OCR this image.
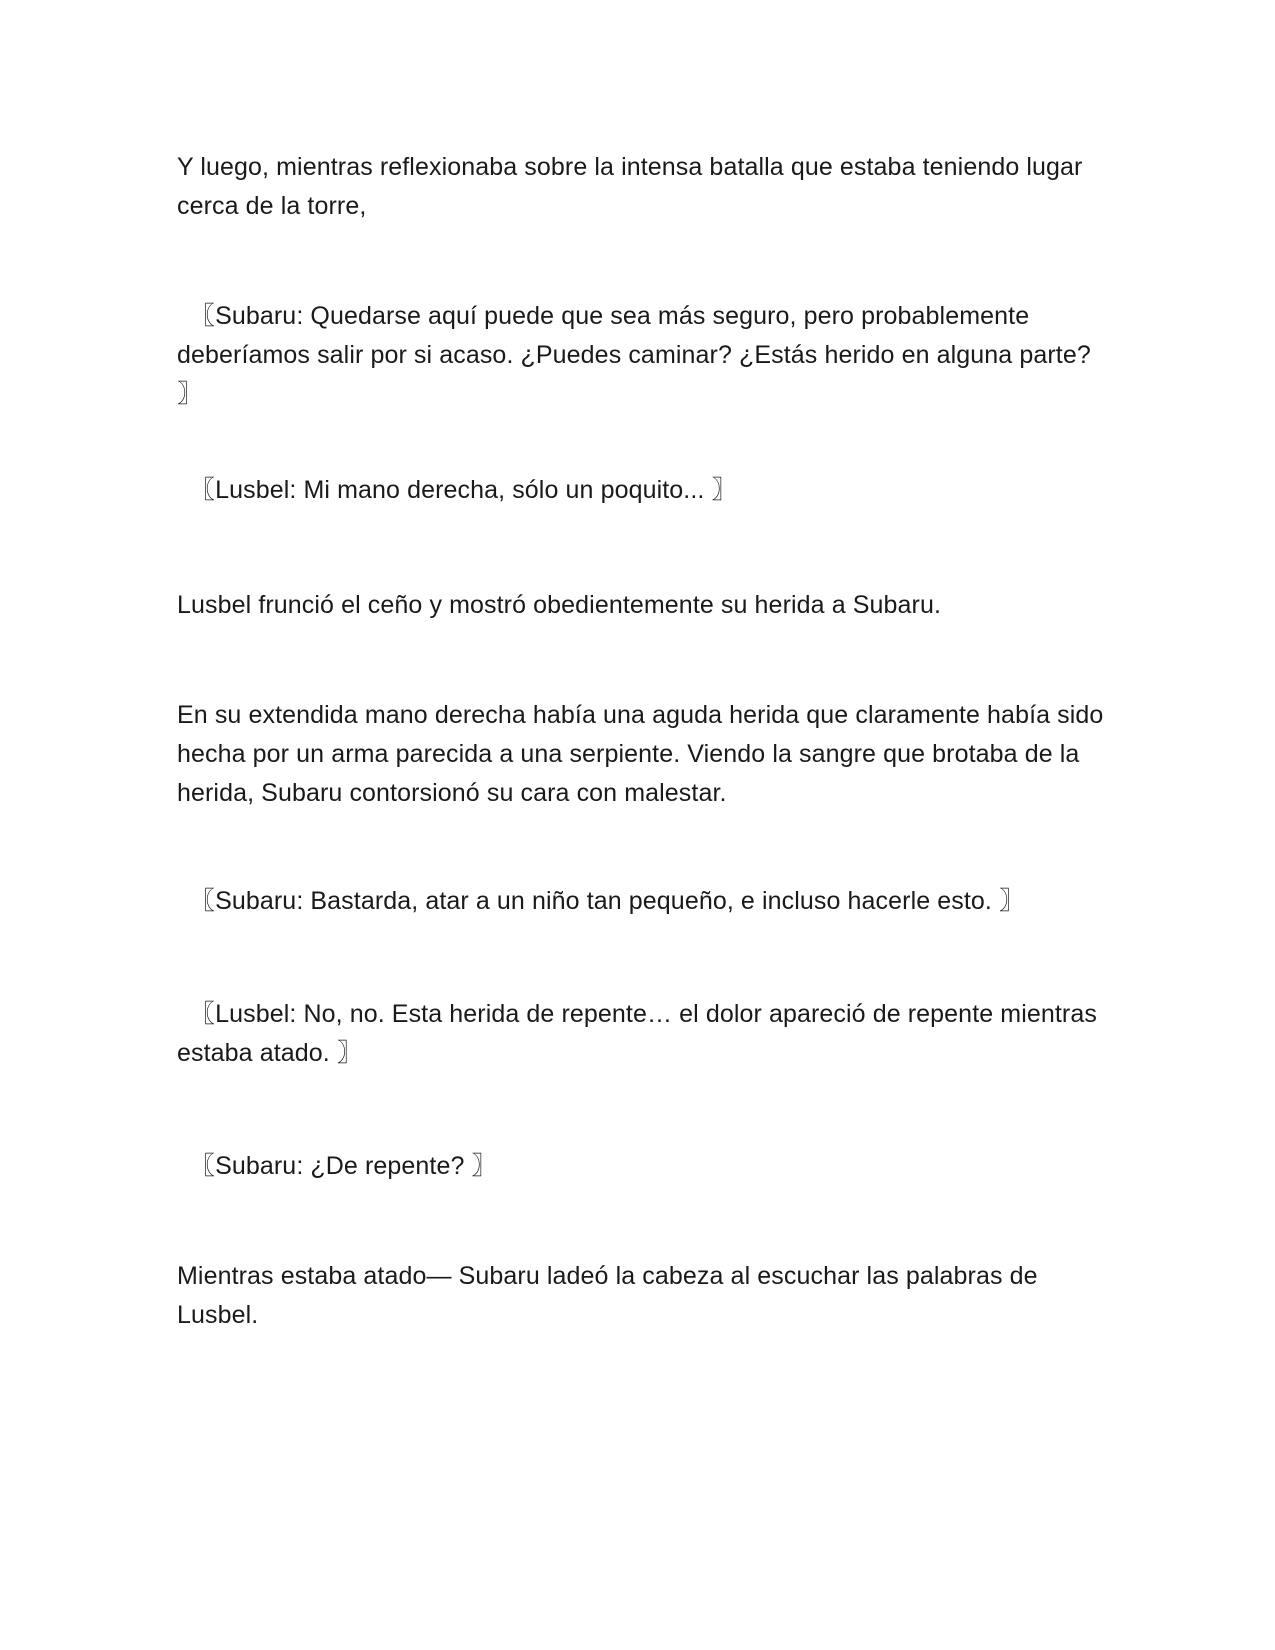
Y luego, mientras reflexionaba sobre la intensa batalla que estaba teniendo lugar cerca de la torre,

〖Subaru: Quedarse aquí puede que sea más seguro, pero probablemente deberíamos salir por si acaso. ¿Puedes caminar? ¿Estás herido en alguna parte? 〗

〖Lusbel: Mi mano derecha, sólo un poquito... 〗

Lusbel frunció el ceño y mostró obedientemente su herida a Subaru.

En su extendida mano derecha había una aguda herida que claramente había sido hecha por un arma parecida a una serpiente. Viendo la sangre que brotaba de la herida, Subaru contorsionó su cara con malestar.

〖Subaru: Bastarda, atar a un niño tan pequeño, e incluso hacerle esto. 〗

〖Lusbel: No, no. Esta herida de repente… el dolor apareció de repente mientras estaba atado. 〗

〖Subaru: ¿De repente? 〗

Mientras estaba atado— Subaru ladeó la cabeza al escuchar las palabras de Lusbel.
